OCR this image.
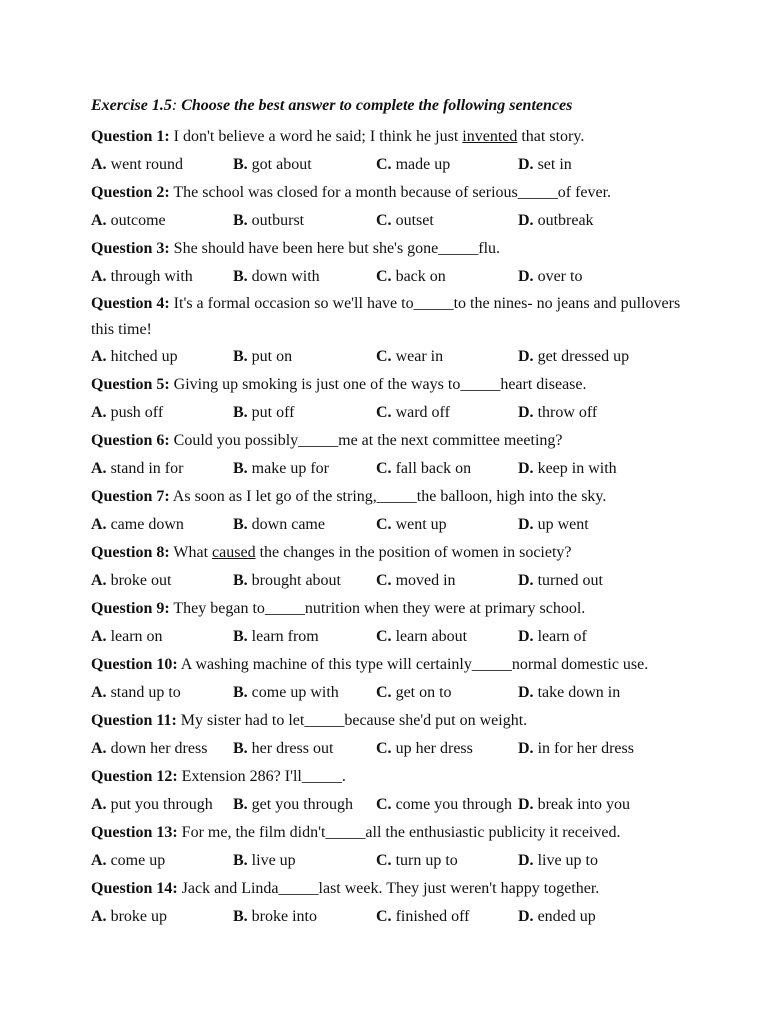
Exercise 1.5: Choose the best answer to complete the following sentences
Question 1: I don't believe a word he said; I think he just invented that story.
A. went round	B. got about	C. made up	D. set in
Question 2: The school was closed for a month because of serious_____of fever.
A. outcome	B. outburst	C. outset	D. outbreak
Question 3: She should have been here but she's gone_____flu.
A. through with	B. down with	C. back on	D. over to
Question 4: It's a formal occasion so we'll have to_____to the nines- no jeans and pullovers this time!
A. hitched up	B. put on	C. wear in	D. get dressed up
Question 5: Giving up smoking is just one of the ways to_____heart disease.
A. push off	B. put off	C. ward off	D. throw off
Question 6: Could you possibly_____me at the next committee meeting?
A. stand in for	B. make up for	C. fall back on	D. keep in with
Question 7: As soon as I let go of the string,_____the balloon, high into the sky.
A. came down	B. down came	C. went up	D. up went
Question 8: What caused the changes in the position of women in society?
A. broke out	B. brought about	C. moved in	D. turned out
Question 9: They began to_____nutrition when they were at primary school.
A. learn on	B. learn from	C. learn about	D. learn of
Question 10: A washing machine of this type will certainly_____normal domestic use.
A. stand up to	B. come up with	C. get on to	D. take down in
Question 11: My sister had to let_____because she'd put on weight.
A. down her dress	B. her dress out	C. up her dress	D. in for her dress
Question 12: Extension 286? I'll_____.
A. put you through	B. get you through	C. come you through D. break into you
Question 13: For me, the film didn't_____all the enthusiastic publicity it received.
A. come up	B. live up	C. turn up to	D. live up to
Question 14: Jack and Linda_____last week. They just weren't happy together.
A. broke up	B. broke into	C. finished off	D. ended up
